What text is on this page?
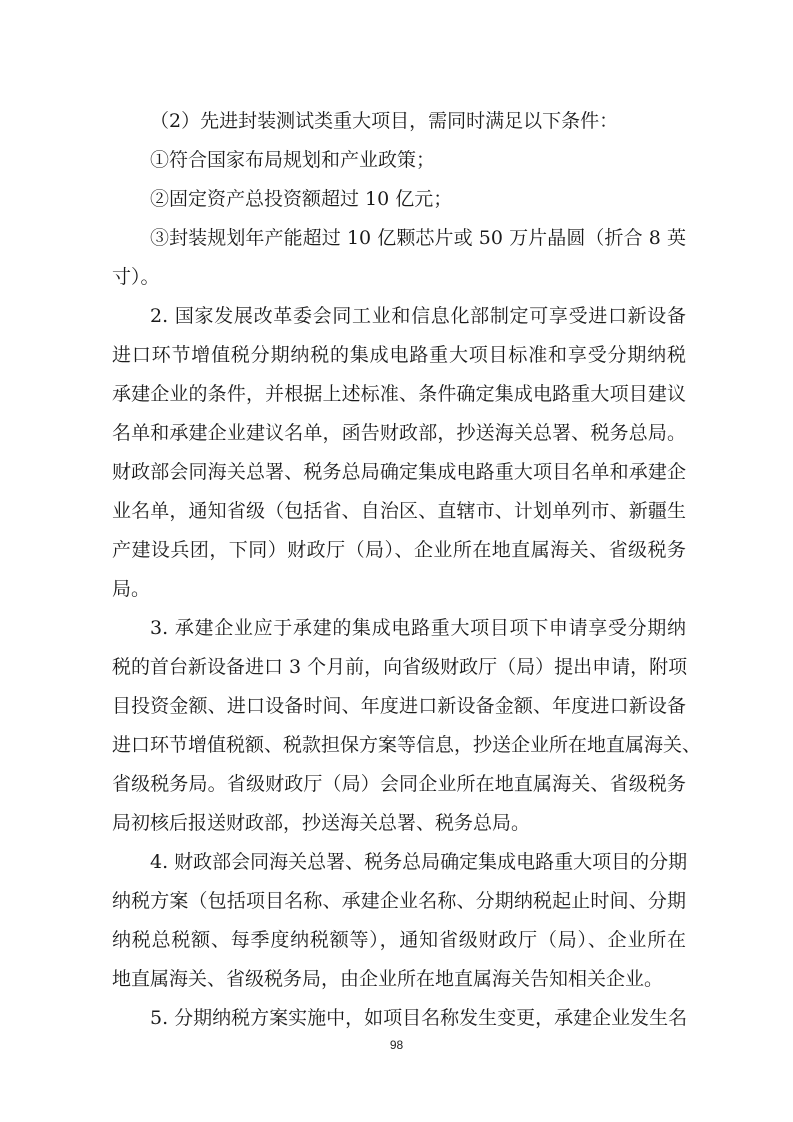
（2）先进封装测试类重大项目，需同时满足以下条件：
①符合国家布局规划和产业政策；
②固定资产总投资额超过 10 亿元；
③封装规划年产能超过 10 亿颗芯片或 50 万片晶圆（折合 8 英
寸）。
2. 国家发展改革委会同工业和信息化部制定可享受进口新设备
进口环节增值税分期纳税的集成电路重大项目标准和享受分期纳税
承建企业的条件，并根据上述标准、条件确定集成电路重大项目建议
名单和承建企业建议名单，函告财政部，抄送海关总署、税务总局。
财政部会同海关总署、税务总局确定集成电路重大项目名单和承建企
业名单，通知省级（包括省、自治区、直辖市、计划单列市、新疆生
产建设兵团，下同）财政厅（局）、企业所在地直属海关、省级税务
局。
3. 承建企业应于承建的集成电路重大项目项下申请享受分期纳
税的首台新设备进口 3 个月前，向省级财政厅（局）提出申请，附项
目投资金额、进口设备时间、年度进口新设备金额、年度进口新设备
进口环节增值税额、税款担保方案等信息，抄送企业所在地直属海关、
省级税务局。省级财政厅（局）会同企业所在地直属海关、省级税务
局初核后报送财政部，抄送海关总署、税务总局。
4. 财政部会同海关总署、税务总局确定集成电路重大项目的分期
纳税方案（包括项目名称、承建企业名称、分期纳税起止时间、分期
纳税总税额、每季度纳税额等），通知省级财政厅（局）、企业所在
地直属海关、省级税务局，由企业所在地直属海关告知相关企业。
5. 分期纳税方案实施中，如项目名称发生变更，承建企业发生名
98
